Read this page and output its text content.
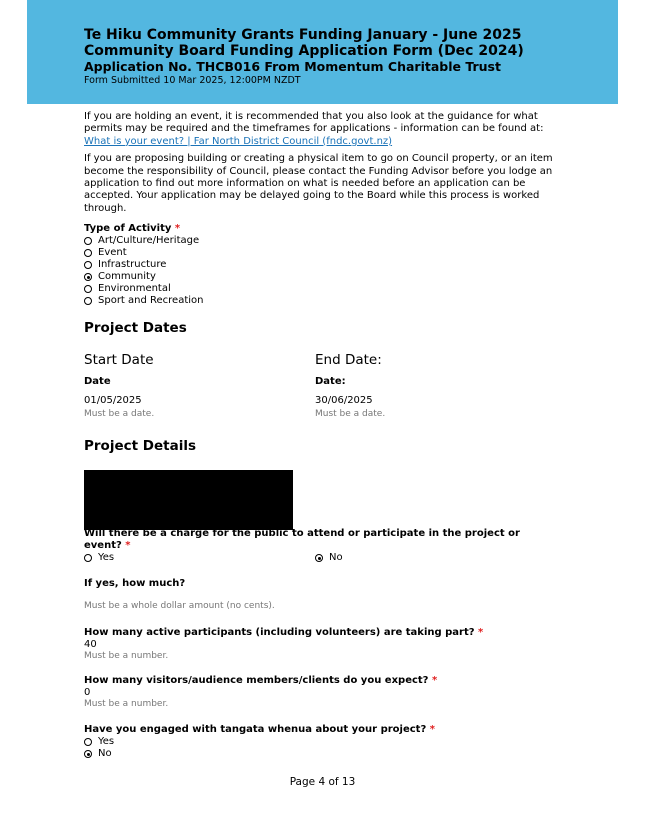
Te Hiku Community Grants Funding January - June 2025
Community Board Funding Application Form (Dec 2024)
Application No. THCB016 From Momentum Charitable Trust
Form Submitted 10 Mar 2025, 12:00PM NZDT

If you are holding an event, it is recommended that you also look at the guidance for what permits may be required and the timeframes for applications - information can be found at: What is your event? | Far North District Council (fndc.govt.nz)

If you are proposing building or creating a physical item to go on Council property, or an item become the responsibility of Council, please contact the Funding Advisor before you lodge an application to find out more information on what is needed before an application can be accepted. Your application may be delayed going to the Board while this process is worked through.

Type of Activity *
Art/Culture/Heritage
Event
Infrastructure
Community
Environmental
Sport and Recreation
Project Dates
Start Date	End Date:
Date	Date:
01/05/2025	30/06/2025
Must be a date.	Must be a date.
Project Details
Will there be a charge for the public to attend or participate in the project or event? *
Yes	No
If yes, how much?
Must be a whole dollar amount (no cents).
How many active participants (including volunteers) are taking part? *
40
Must be a number.
How many visitors/audience members/clients do you expect? *
0
Must be a number.
Have you engaged with tangata whenua about your project? *
Yes
No
Page 4 of 13
